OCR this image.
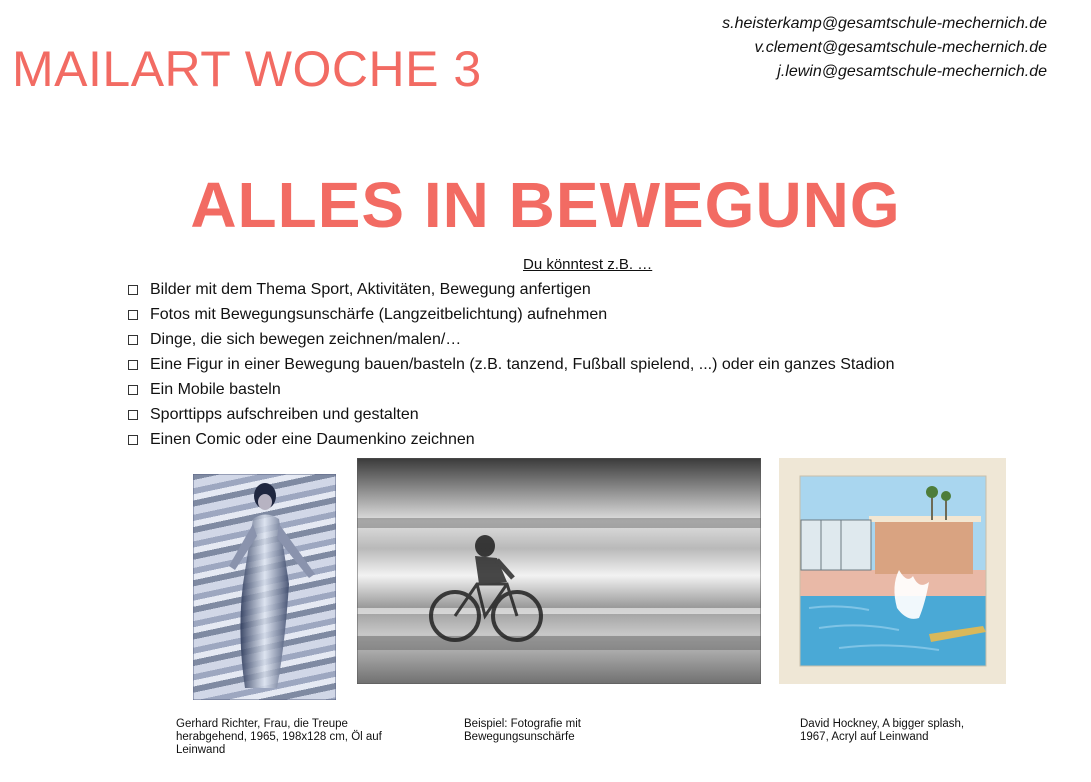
MAILART WOCHE 3
s.heisterkamp@gesamtschule-mechernich.de
v.clement@gesamtschule-mechernich.de
j.lewin@gesamtschule-mechernich.de
ALLES IN BEWEGUNG
Du könntest z.B. …
Bilder mit dem Thema Sport, Aktivitäten, Bewegung anfertigen
Fotos mit Bewegungsunschärfe (Langzeitbelichtung) aufnehmen
Dinge, die sich bewegen zeichnen/malen/…
Eine Figur in einer Bewegung bauen/basteln (z.B. tanzend, Fußball spielend, ...) oder ein ganzes Stadion
Ein Mobile basteln
Sporttipps aufschreiben und gestalten
Einen Comic oder eine Daumenkino zeichnen
Gerhard Richter, Frau, die Treupe herabgehend, 1965, 198x128 cm, Öl auf Leinwand
Beispiel: Fotografie mit Bewegungsunschärfe
David Hockney, A bigger splash, 1967, Acryl auf Leinwand
